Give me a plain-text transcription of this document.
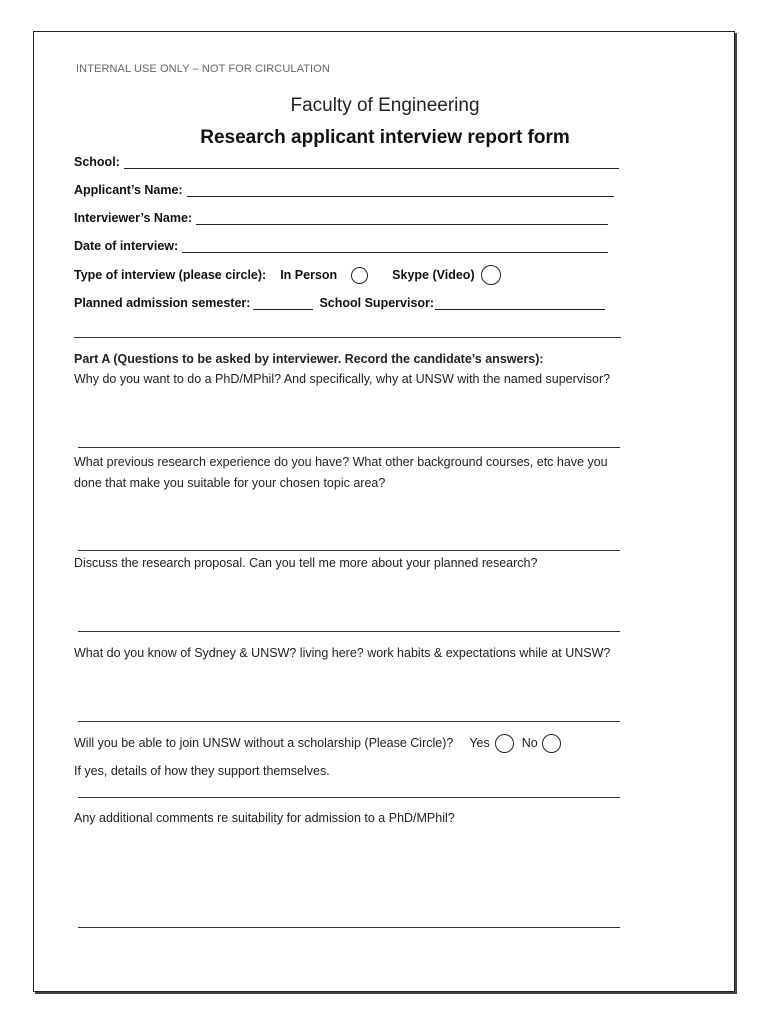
INTERNAL USE ONLY – NOT FOR CIRCULATION
Faculty of Engineering
Research applicant interview report form
School:
Applicant’s Name:
Interviewer’s Name:
Date of interview:
Type of interview (please circle): In Person	Skype (Video)
Planned admission semester:	School Supervisor:
Part A (Questions to be asked by interviewer. Record the candidate’s answers):
Why do you want to do a PhD/MPhil? And specifically, why at UNSW with the named supervisor?
What previous research experience do you have? What other background courses, etc have you
done that make you suitable for your chosen topic area?
Discuss the research proposal. Can you tell me more about your planned research?
What do you know of Sydney & UNSW? living here? work habits & expectations while at UNSW?
Will you be able to join UNSW without a scholarship (Please Circle)? Yes	No
If yes, details of how they support themselves.
Any additional comments re suitability for admission to a PhD/MPhil?
